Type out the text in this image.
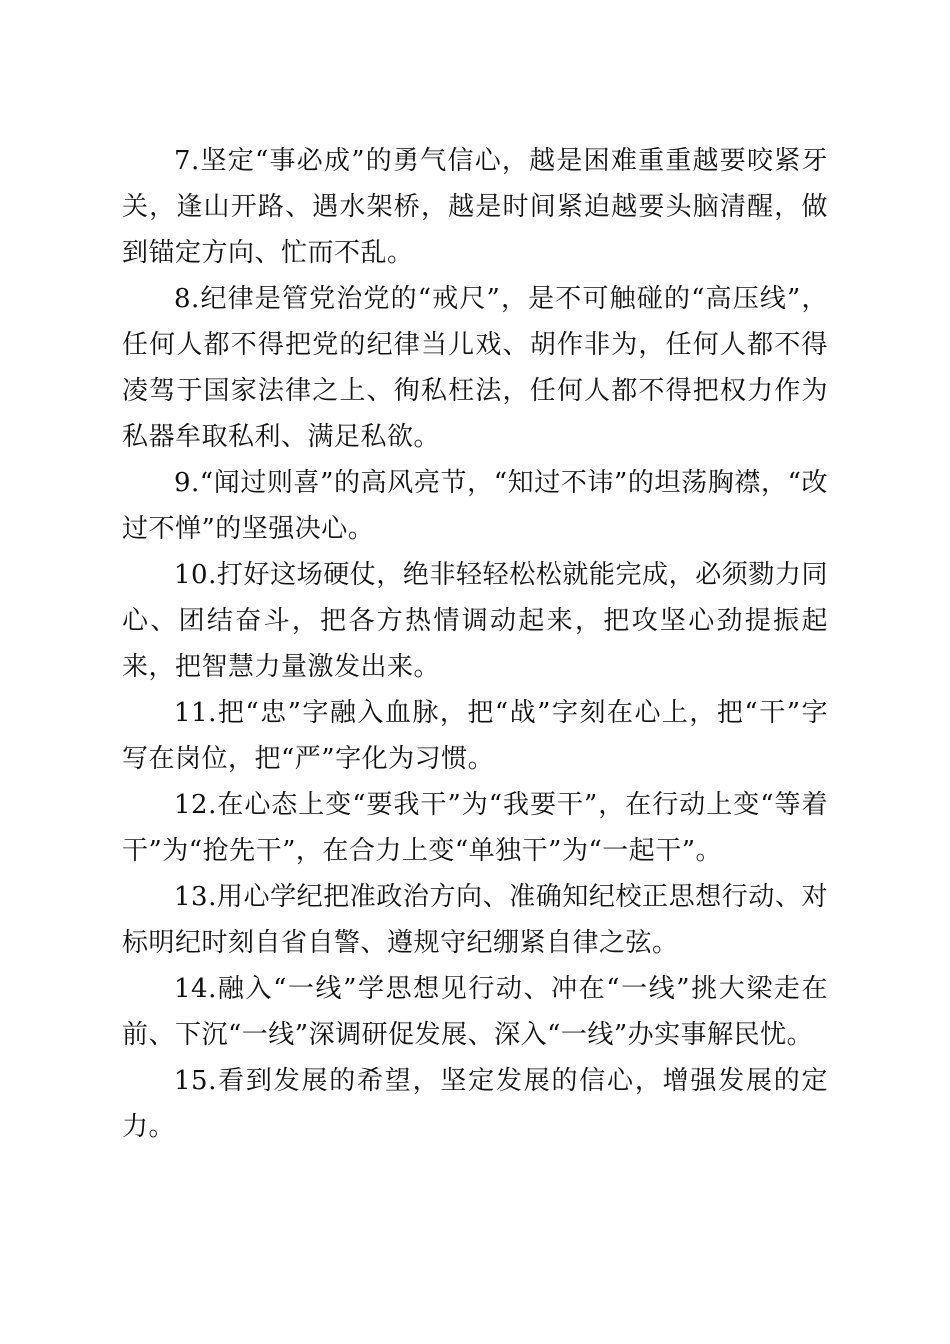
7.坚定“事必成”的勇气信心，越是困难重重越要咬紧牙关，逢山开路、遇水架桥，越是时间紧迫越要头脑清醒，做到锚定方向、忙而不乱。

8.纪律是管党治党的“戒尺”，是不可触碰的“高压线”，任何人都不得把党的纪律当儿戏、胡作非为，任何人都不得凌驾于国家法律之上、徇私枉法，任何人都不得把权力作为私器牟取私利、满足私欲。

9.“闻过则喜”的高风亮节，“知过不讳”的坦荡胸襟，“改过不惮”的坚强决心。

10.打好这场硬仗，绝非轻轻松松就能完成，必须勠力同心、团结奋斗，把各方热情调动起来，把攻坚心劲提振起来，把智慧力量激发出来。

11.把“忠”字融入血脉，把“战”字刻在心上，把“干”字写在岗位，把“严”字化为习惯。

12.在心态上变“要我干”为“我要干”，在行动上变“等着干”为“抢先干”，在合力上变“单独干”为“一起干”。

13.用心学纪把准政治方向、准确知纪校正思想行动、对标明纪时刻自省自警、遵规守纪绷紧自律之弦。

14.融入“一线”学思想见行动、冲在“一线”挑大梁走在前、下沉“一线”深调研促发展、深入“一线”办实事解民忧。

15.看到发展的希望，坚定发展的信心，增强发展的定力。
